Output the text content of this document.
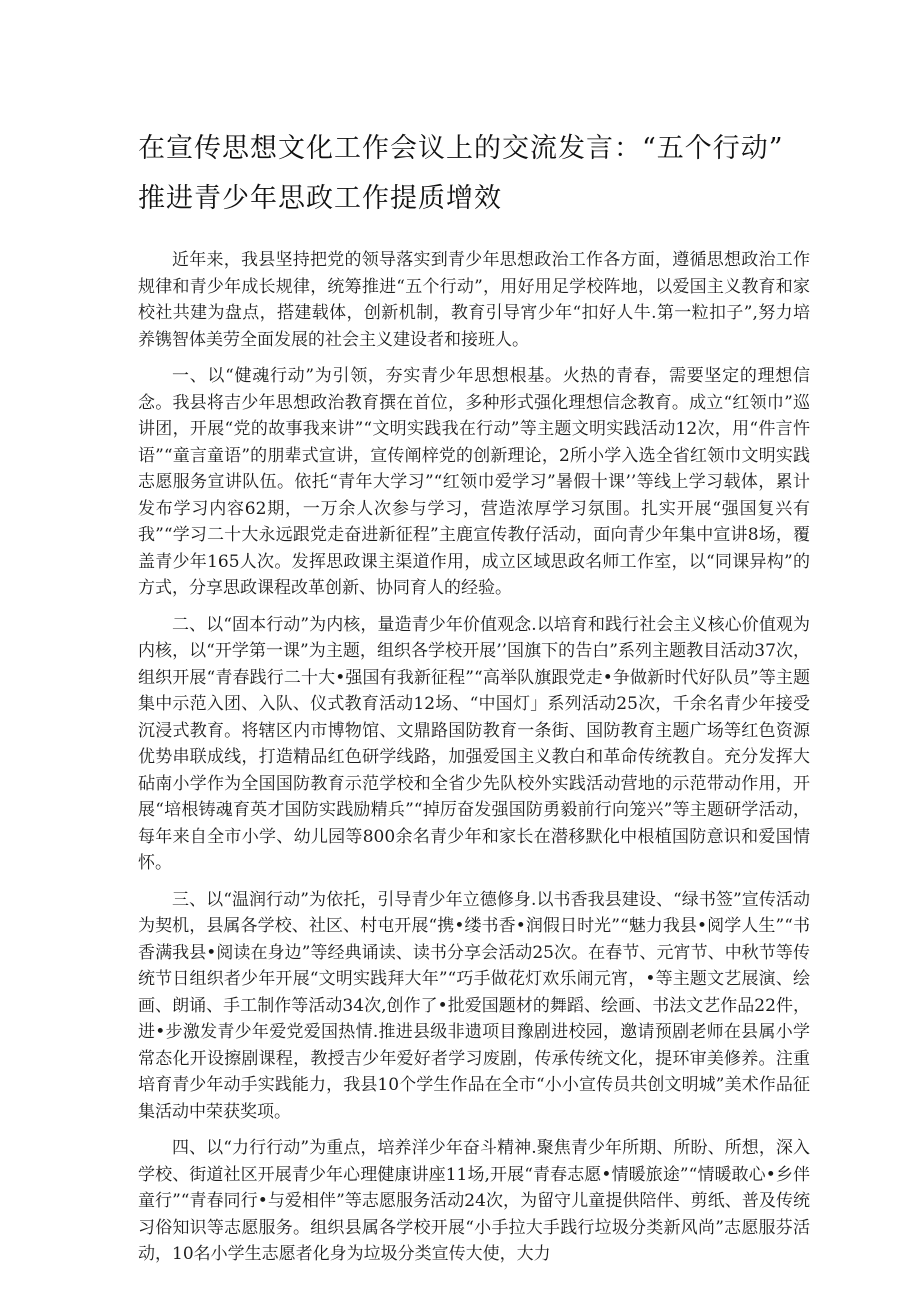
在宣传思想文化工作会议上的交流发言：“五个行动”
推进青少年思政工作提质增效

近年来，我县坚持把党的领导落实到青少年思想政治工作各方面，遵循思想政治工作规律和青少年成长规律，统筹推进“五个行动”，用好用足学校阵地，以爱国主义教育和家校社共建为盘点，搭建载体，创新机制，教育引导宵少年“扣好人牛.第一粒扣子”,努力培养镌智体美劳全面发展的社会主义建设者和接班人。

一、以“健魂行动”为引领，夯实青少年思想根基。火热的青春，需要坚定的理想信念。我县将吉少年思想政治教育撰在首位，多种形式强化理想信念教育。成立“红领巾”巡讲团，开展“党的故事我来讲”“文明实践我在行动”等主题文明实践活动12次，用“件言忤语”“童言童语”的朋辈式宣讲，宣传阐梓党的创新理论，2所小学入选全省红领巾文明实践志愿服务宣讲队伍。依托“青年大学习”“红领巾爱学习”暑假十课’’等线上学习载体，累计发布学习内容62期，一万余人次参与学习，营造浓厚学习氛围。扎实开展“强国复兴有我”“学习二十大永远跟党走奋进新征程”主鹿宣传教仔活动，面向青少年集中宣讲8场，覆盖青少年165人次。发挥思政课主渠道作用，成立区域思政名师工作室，以“同课异构”的方式，分享思政课程改革创新、协同育人的经验。

二、以“固本行动”为内核，量造青少年价值观念.以培育和践行社会主义核心价值观为内核，以“开学第一课”为主题，组织各学校开展’’国旗下的告白”系列主题教目活动37次，组织开展“青春践行二十大•强国有我新征程”“高举队旗跟党走•争做新时代好队员”等主题集中示范入团、入队、仪式教育活动12场、“中国灯」系列活动25次，千余名青少年接受沉浸式教育。将辖区内市博物馆、文鼎路国防教育一条街、国防教育主题广场等红色资源优势串联成线，打造精品红色研学线路，加强爱国主义教白和革命传统教自。充分发挥大砧南小学作为全国国防教育示范学校和全省少先队校外实践活动营地的示范带动作用，开展“培根铸魂育英才国防实践励精兵”“掉厉奋发强国防勇毅前行向笼兴”等主题研学活动，每年来自全市小学、幼儿园等800余名青少年和家长在潜移默化中根植国防意识和爱国情怀。

三、以“温润行动”为依托，引导青少年立德修身.以书香我县建设、“绿书签”宣传活动为契机，县属各学校、社区、村屯开展“携•缕书香•润假日时光”“魅力我县•阅学人生”“书香满我县•阅读在身边”等经典诵读、读书分享会活动25次。在春节、元宵节、中秋节等传统节日组织者少年开展“文明实践拜大年”“巧手做花灯欢乐闹元宵，•等主题文艺展演、绘画、朗诵、手工制作等活动34次,创作了•批爱国题材的舞蹈、绘画、书法文艺作品22件，进•步激发青少年爱党爱国热情.推进县级非遗项目豫剧进校园，邀请预剧老师在县属小学常态化开设擦剧课程，教授吉少年爱好者学习废剧，传承传统文化，提环审美修养。注重培育青少年动手实践能力，我县10个学生作品在全市“小小宣传员共创文明城”美术作品征集活动中荣获奖项。

四、以“力行行动”为重点，培养洋少年奋斗精神.聚焦青少年所期、所盼、所想，深入学校、街道社区开展青少年心理健康讲座11场,开展“青春志愿•情暖旅途”“情暖敢心•乡伴童行”“青春同行•与爱相伴”等志愿服务活动24次，为留守儿童提供陪伴、剪纸、普及传统习俗知识等志愿服务。组织县属各学校开展“小手拉大手践行垃圾分类新风尚”志愿服芬活动，10名小学生志愿者化身为垃圾分类宣传大使，大力
